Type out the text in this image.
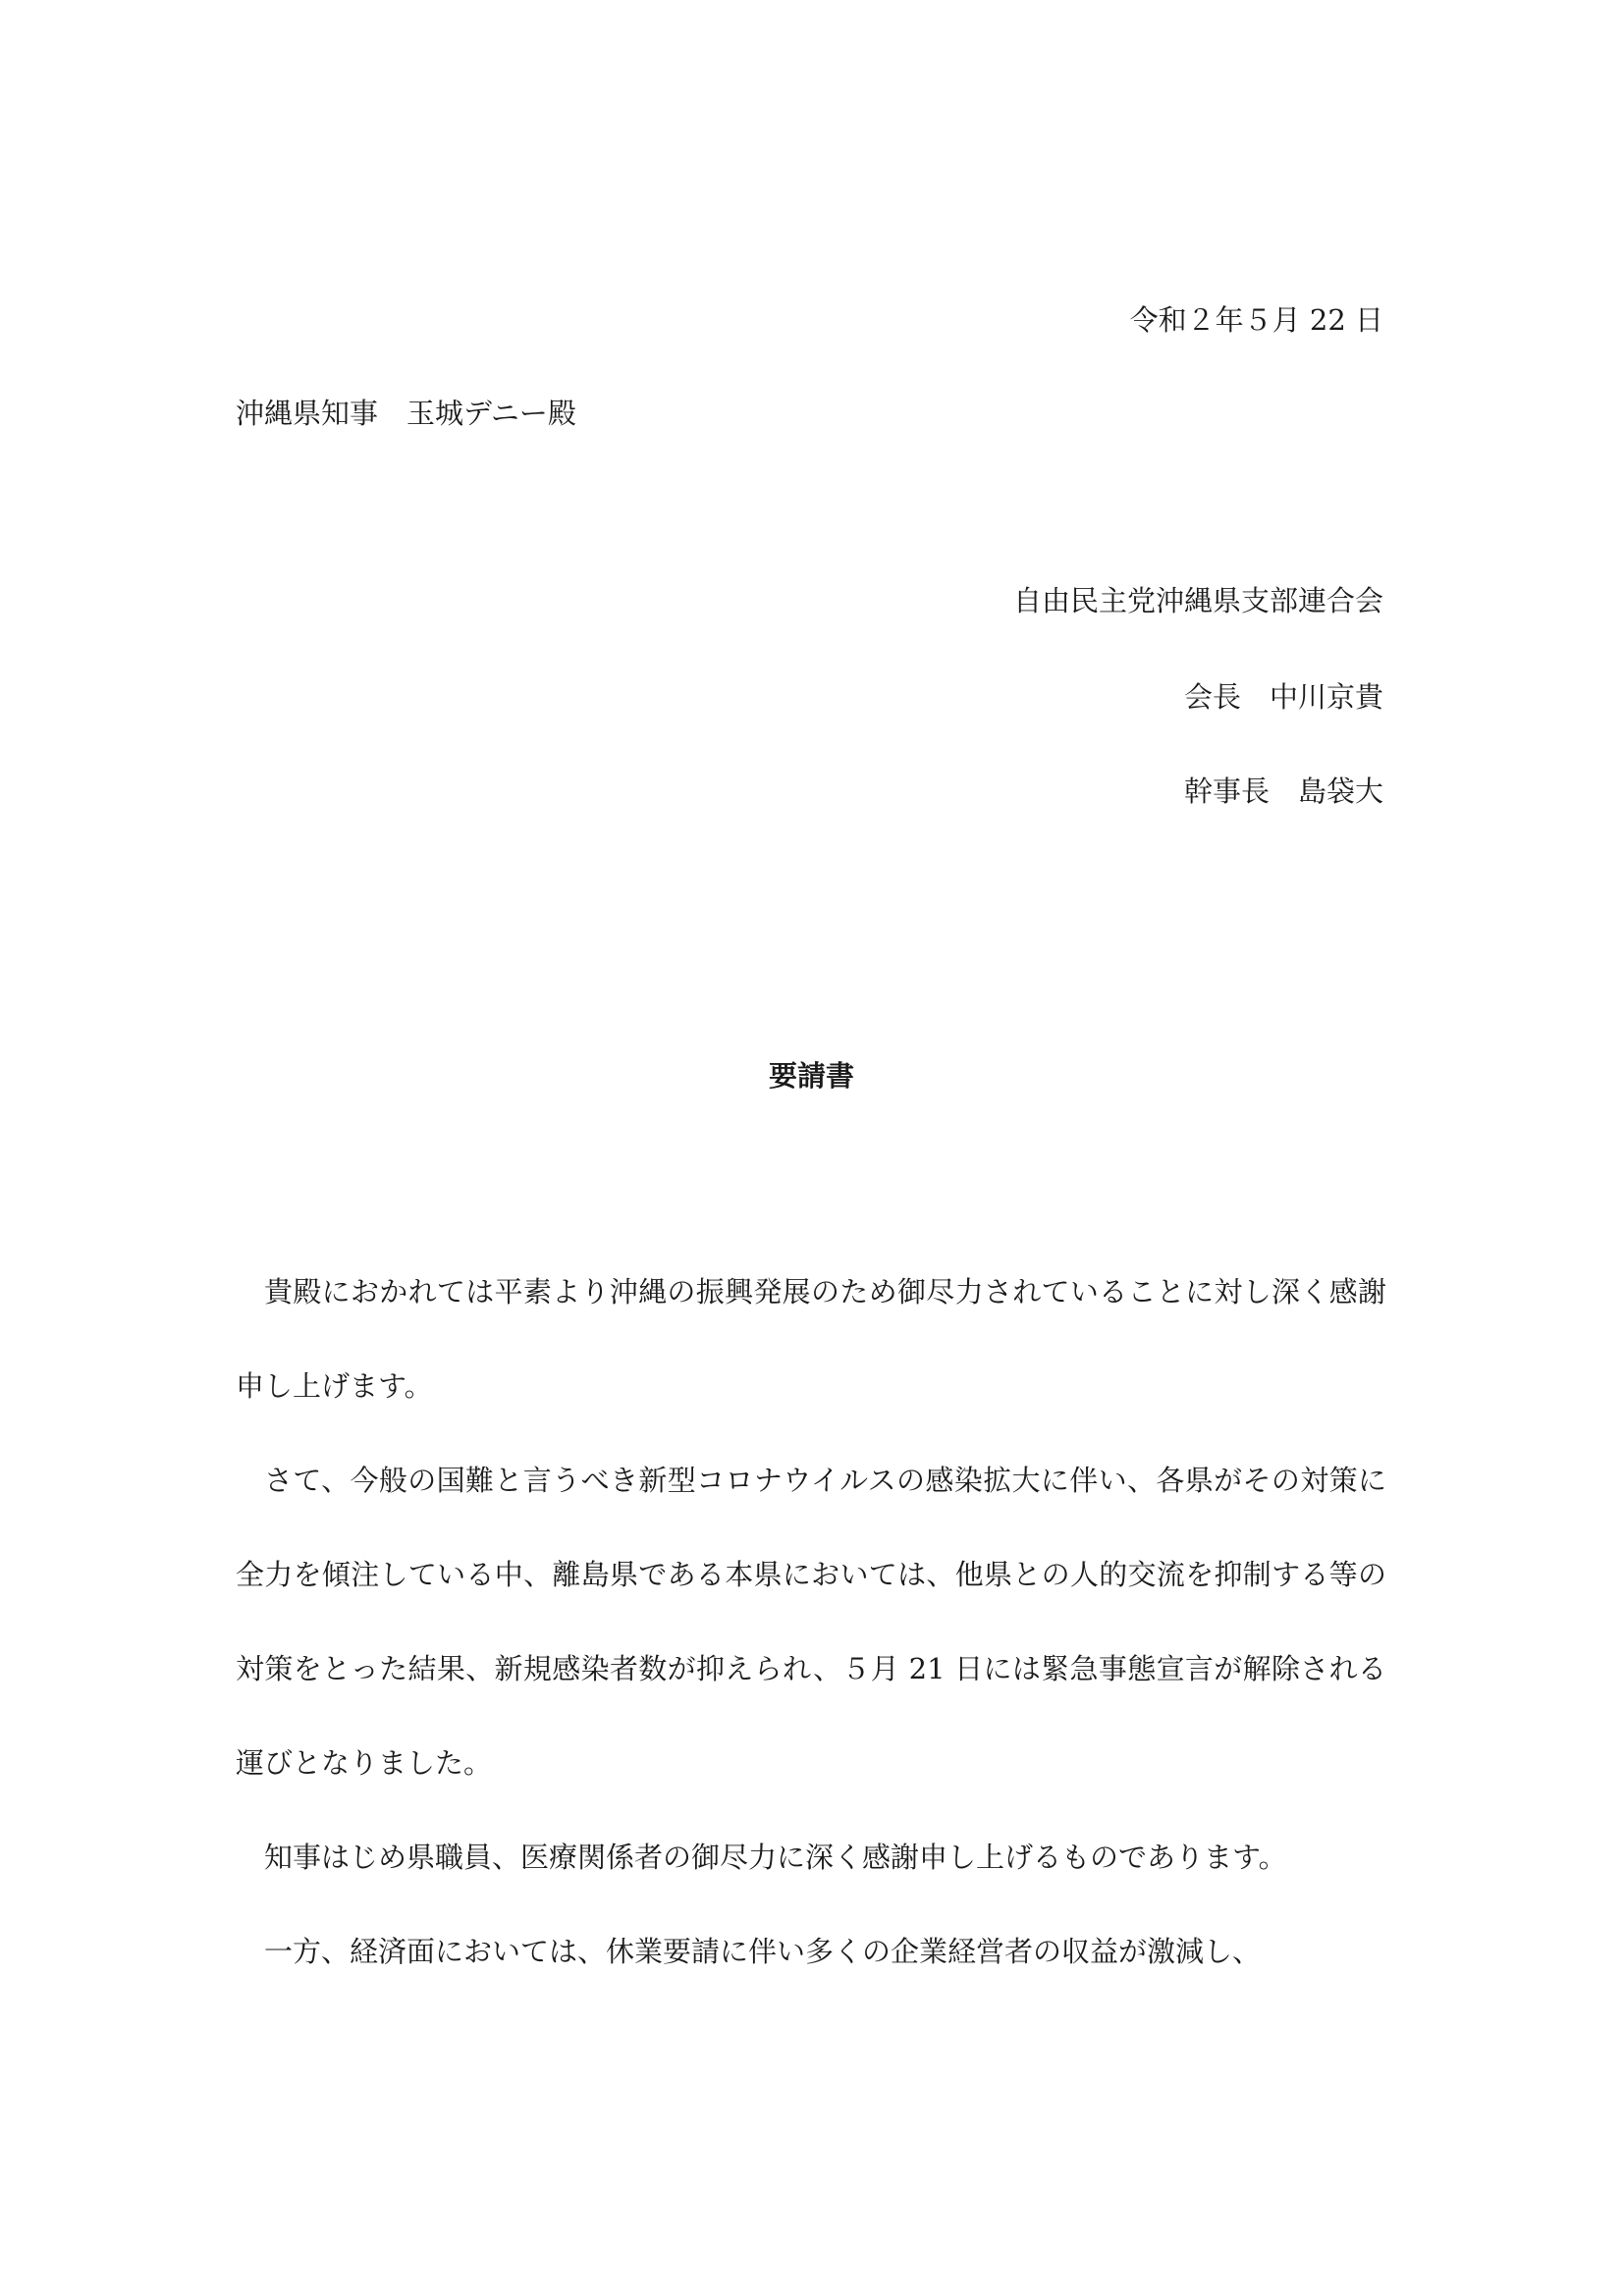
令和２年５月 22 日

沖縄県知事　玉城デニー殿

自由民主党沖縄県支部連合会

会長　中川京貴

幹事長　島袋大

要請書

貴殿におかれては平素より沖縄の振興発展のため御尽力されていることに対し深く感謝申し上げます。

さて、今般の国難と言うべき新型コロナウイルスの感染拡大に伴い、各県がその対策に全力を傾注している中、離島県である本県においては、他県との人的交流を抑制する等の対策をとった結果、新規感染者数が抑えられ、５月 21 日には緊急事態宣言が解除される運びとなりました。

知事はじめ県職員、医療関係者の御尽力に深く感謝申し上げるものであります。

一方、経済面においては、休業要請に伴い多くの企業経営者の収益が激減し、
